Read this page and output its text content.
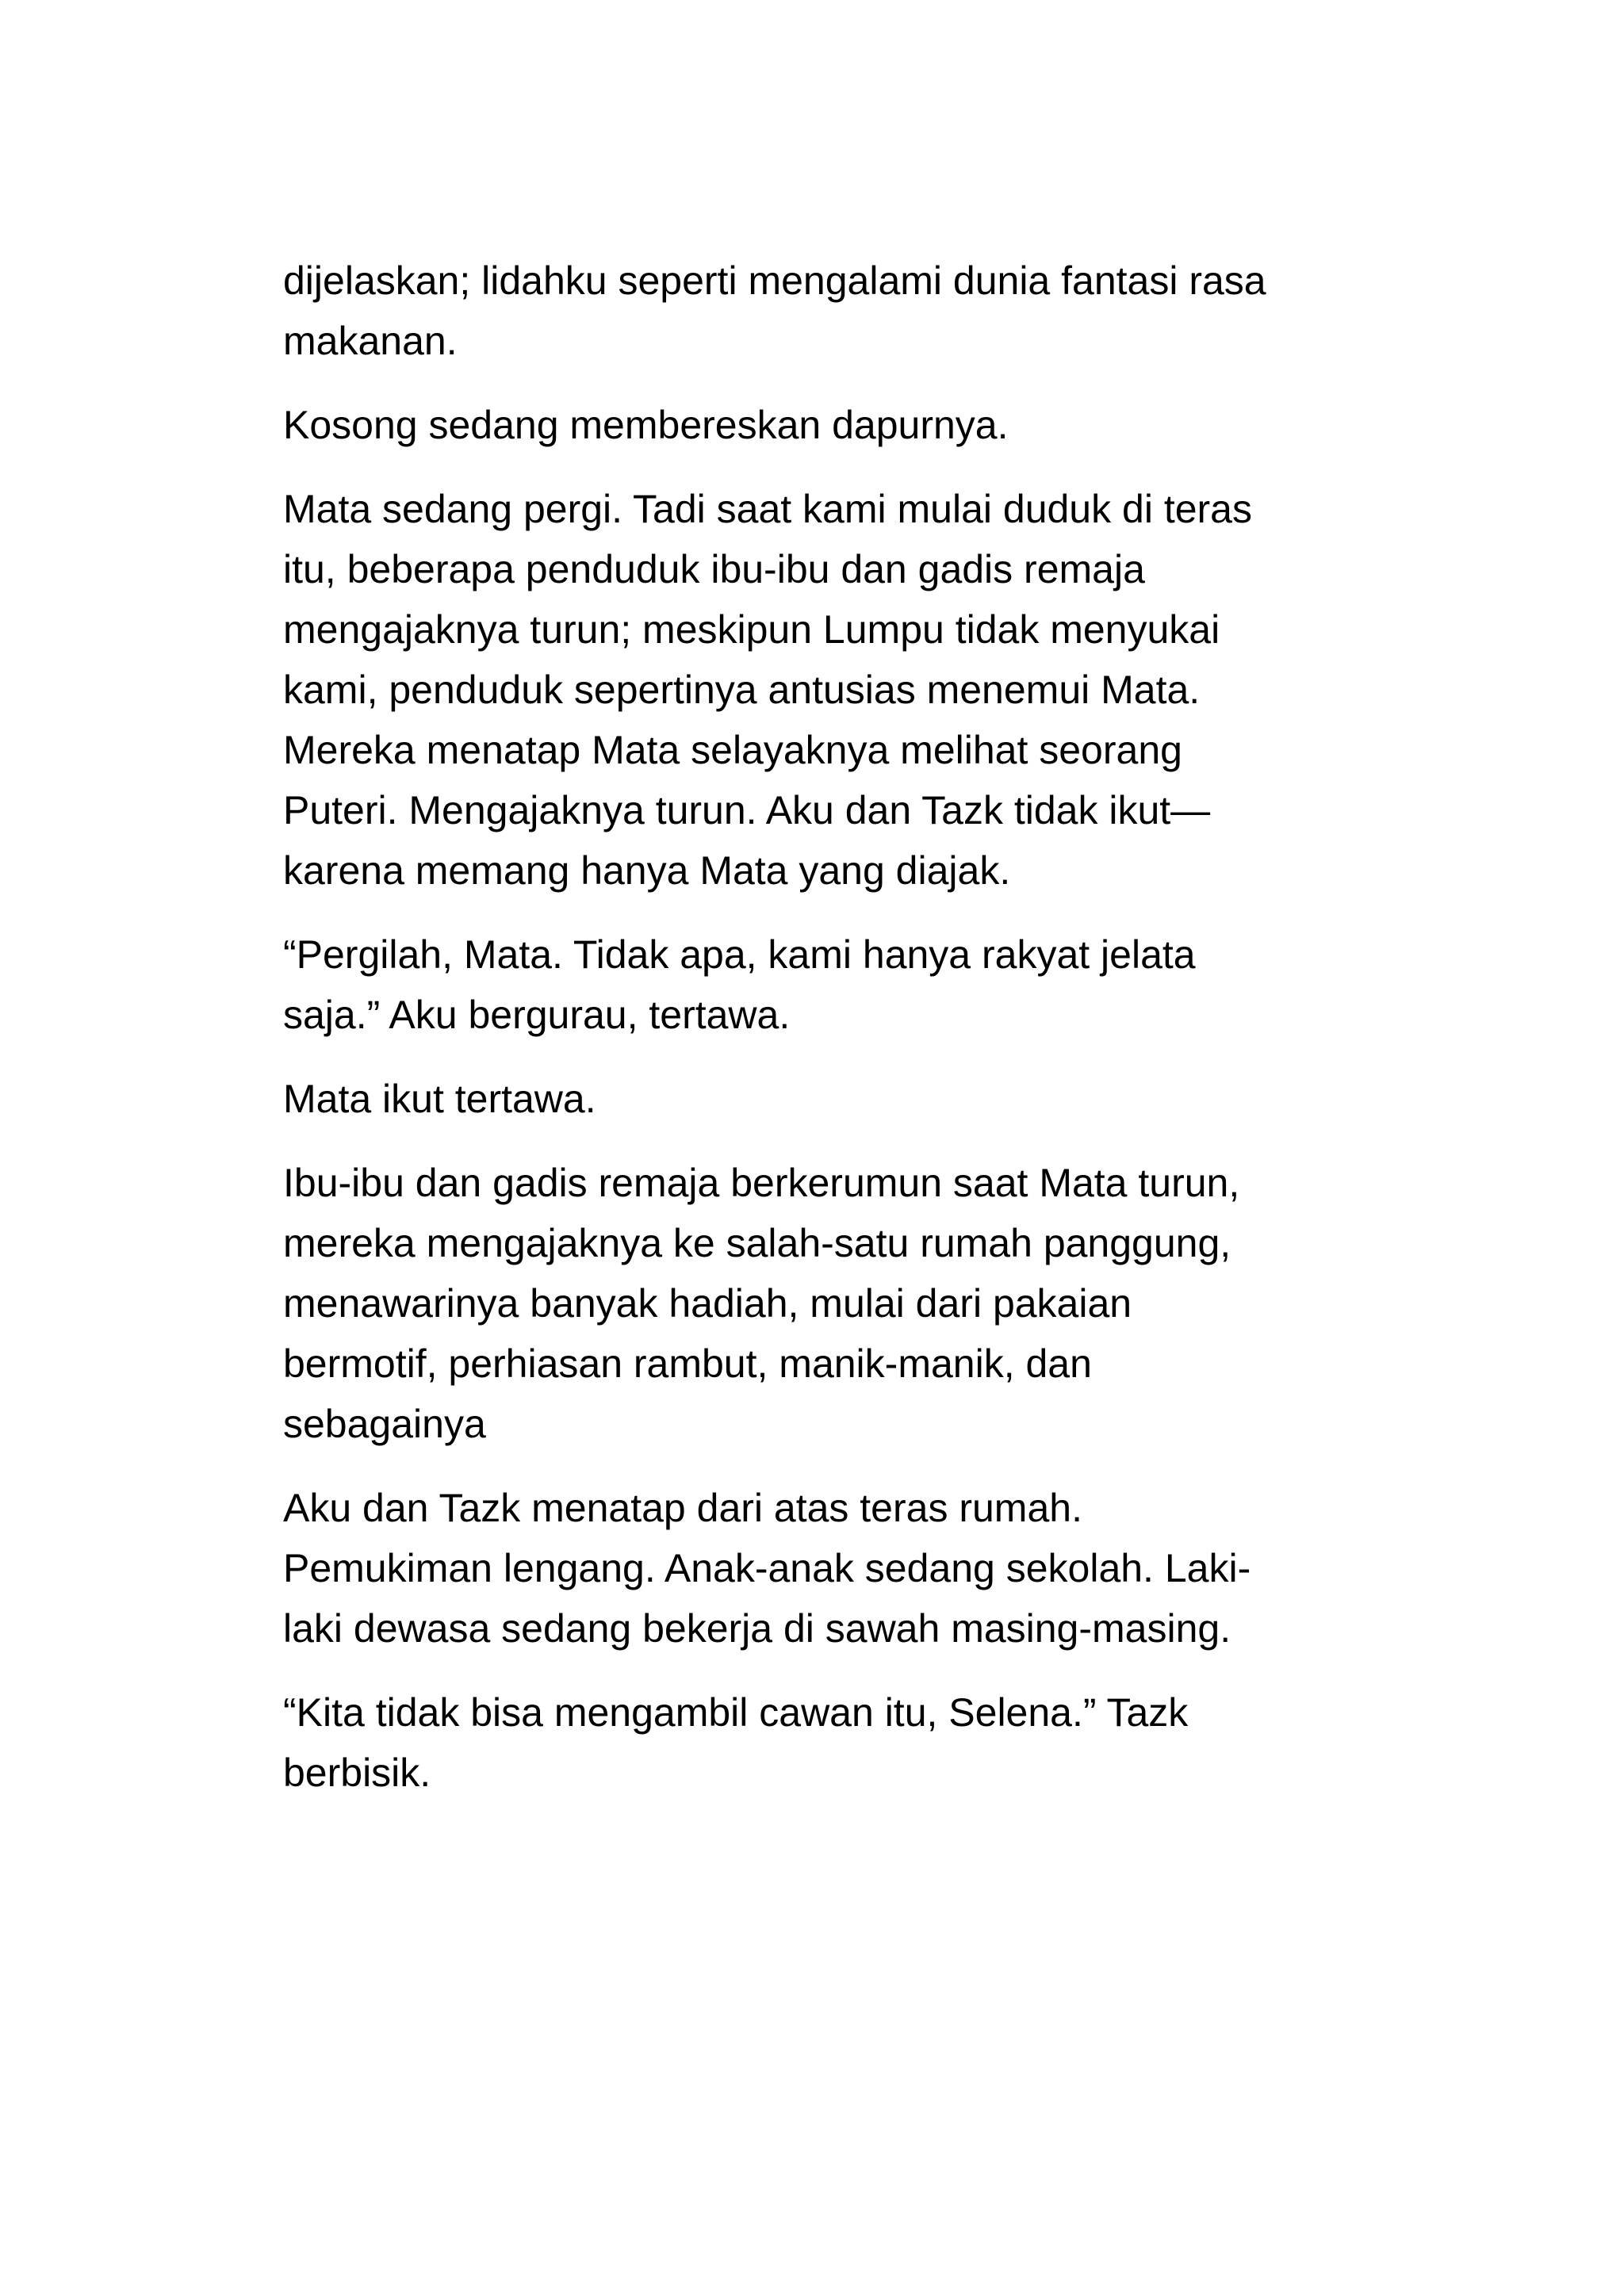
dijelaskan; lidahku seperti mengalami dunia fantasi rasa
makanan.

Kosong sedang membereskan dapurnya.

Mata sedang pergi. Tadi saat kami mulai duduk di teras
itu, beberapa penduduk ibu-ibu dan gadis remaja
mengajaknya turun; meskipun Lumpu tidak menyukai
kami, penduduk sepertinya antusias menemui Mata.
Mereka menatap Mata selayaknya melihat seorang
Puteri. Mengajaknya turun. Aku dan Tazk tidak ikut—
karena memang hanya Mata yang diajak.

“Pergilah, Mata. Tidak apa, kami hanya rakyat jelata
saja.” Aku bergurau, tertawa.

Mata ikut tertawa.

Ibu-ibu dan gadis remaja berkerumun saat Mata turun,
mereka mengajaknya ke salah-satu rumah panggung,
menawarinya banyak hadiah, mulai dari pakaian
bermotif, perhiasan rambut, manik-manik, dan
sebagainya

Aku dan Tazk menatap dari atas teras rumah.
Pemukiman lengang. Anak-anak sedang sekolah. Laki-
laki dewasa sedang bekerja di sawah masing-masing.

“Kita tidak bisa mengambil cawan itu, Selena.” Tazk
berbisik.
